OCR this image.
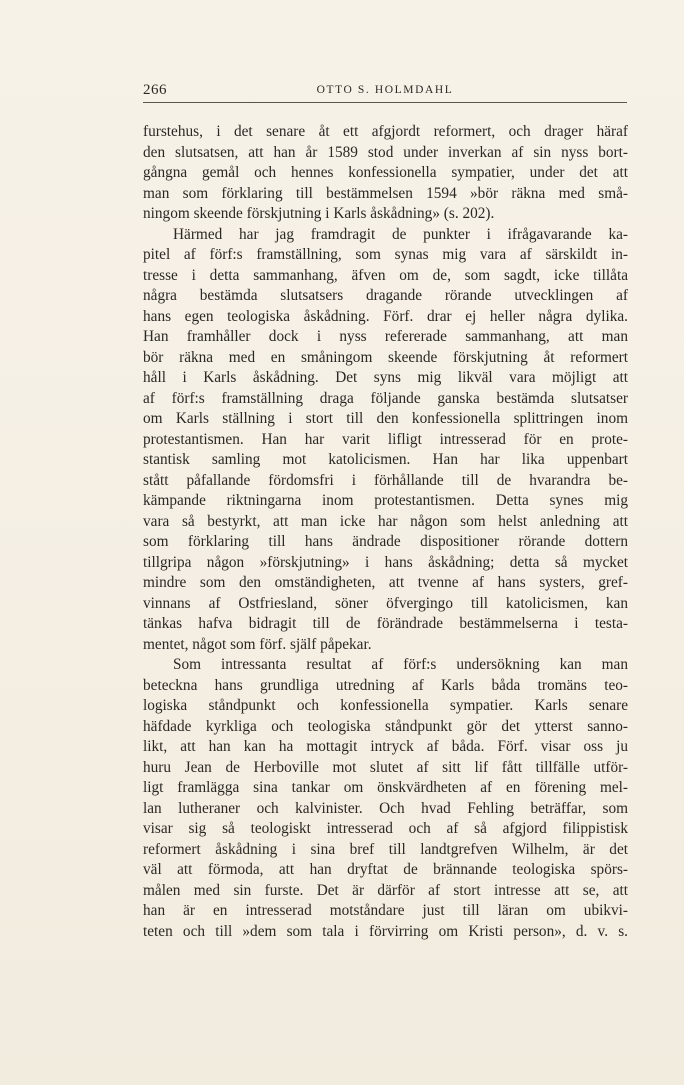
266	OTTO S. HOLMDAHL
furstehus, i det senare åt ett afgjordt reformert, och drager häraf
den slutsatsen, att han år 1589 stod under inverkan af sin nyss bort-
gångna gemål och hennes konfessionella sympatier, under det att
man som förklaring till bestämmelsen 1594 »bör räkna med små-
ningom skeende förskjutning i Karls åskådning» (s. 202).
Härmed har jag framdragit de punkter i ifrågavarande ka-
pitel af förf:s framställning, som synas mig vara af särskildt in-
tresse i detta sammanhang, äfven om de, som sagdt, icke tillåta
några bestämda slutsatsers dragande rörande utvecklingen af
hans egen teologiska åskådning. Förf. drar ej heller några dylika.
Han framhåller dock i nyss refererade sammanhang, att man
bör räkna med en småningom skeende förskjutning åt reformert
håll i Karls åskådning. Det syns mig likväl vara möjligt att
af förf:s framställning draga följande ganska bestämda slutsatser
om Karls ställning i stort till den konfessionella splittringen inom
protestantismen. Han har varit lifligt intresserad för en prote-
stantisk samling mot katolicismen. Han har lika uppenbart
stått påfallande fördomsfri i förhållande till de hvarandra be-
kämpande riktningarna inom protestantismen. Detta synes mig
vara så bestyrkt, att man icke har någon som helst anledning att
som förklaring till hans ändrade dispositioner rörande dottern
tillgripa någon »förskjutning» i hans åskådning; detta så mycket
mindre som den omständigheten, att tvenne af hans systers, gref-
vinnans af Ostfriesland, söner öfvergingo till katolicismen, kan
tänkas hafva bidragit till de förändrade bestämmelserna i testa-
mentet, något som förf. själf påpekar.
Som intressanta resultat af förf:s undersökning kan man
beteckna hans grundliga utredning af Karls båda tromäns teo-
logiska ståndpunkt och konfessionella sympatier. Karls senare
häfdade kyrkliga och teologiska ståndpunkt gör det ytterst sanno-
likt, att han kan ha mottagit intryck af båda. Förf. visar oss ju
huru Jean de Herboville mot slutet af sitt lif fått tillfälle utför-
ligt framlägga sina tankar om önskvärdheten af en förening mel-
lan lutheraner och kalvinister. Och hvad Fehling beträffar, som
visar sig så teologiskt intresserad och af så afgjord filippistisk
reformert åskådning i sina bref till landtgrefven Wilhelm, är det
väl att förmoda, att han dryftat de brännande teologiska spörs-
målen med sin furste. Det är därför af stort intresse att se, att
han är en intresserad motståndare just till läran om ubikvi-
teten och till »dem som tala i förvirring om Kristi person», d. v. s.
